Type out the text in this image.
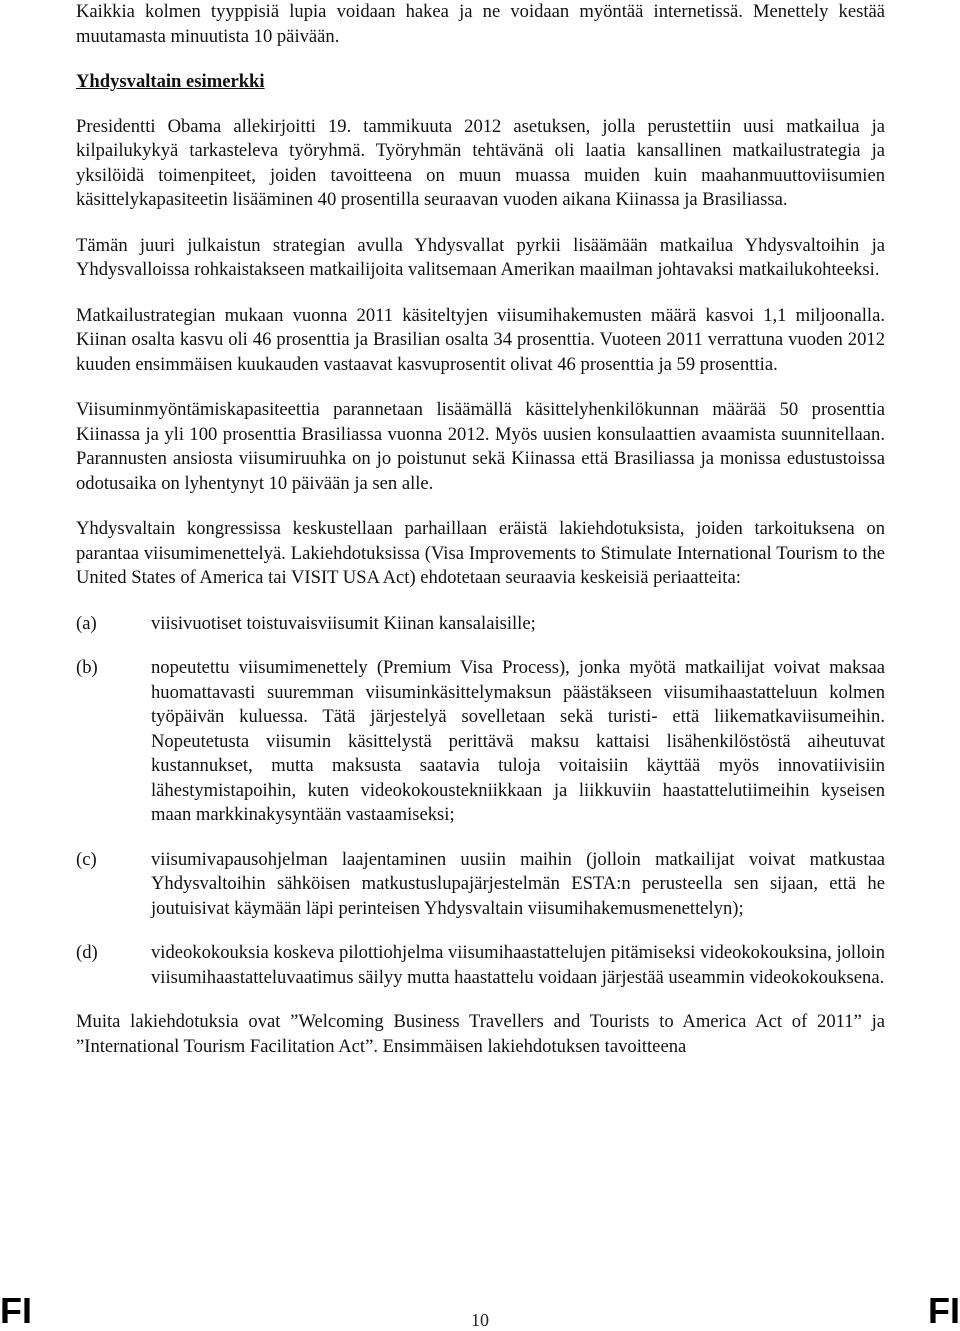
Kaikkia kolmen tyyppisiä lupia voidaan hakea ja ne voidaan myöntää internetissä. Menettely kestää muutamasta minuutista 10 päivään.

Yhdysvaltain esimerkki

Presidentti Obama allekirjoitti 19. tammikuuta 2012 asetuksen, jolla perustettiin uusi matkailua ja kilpailukykyä tarkasteleva työryhmä. Työryhmän tehtävänä oli laatia kansallinen matkailustrategia ja yksilöidä toimenpiteet, joiden tavoitteena on muun muassa muiden kuin maahanmuuttoviisumien käsittelykapasiteetin lisääminen 40 prosentilla seuraavan vuoden aikana Kiinassa ja Brasiliassa.

Tämän juuri julkaistun strategian avulla Yhdysvallat pyrkii lisäämään matkailua Yhdysvaltoihin ja Yhdysvalloissa rohkaistakseen matkailijoita valitsemaan Amerikan maailman johtavaksi matkailukohteeksi.

Matkailustrategian mukaan vuonna 2011 käsiteltyjen viisumihakemusten määrä kasvoi 1,1 miljoonalla. Kiinan osalta kasvu oli 46 prosenttia ja Brasilian osalta 34 prosenttia. Vuoteen 2011 verrattuna vuoden 2012 kuuden ensimmäisen kuukauden vastaavat kasvuprosentit olivat 46 prosenttia ja 59 prosenttia.

Viisuminmyöntämiskapasiteettia parannetaan lisäämällä käsittelyhenkilökunnan määrää 50 prosenttia Kiinassa ja yli 100 prosenttia Brasiliassa vuonna 2012. Myös uusien konsulaattien avaamista suunnitellaan. Parannusten ansiosta viisumiruuhka on jo poistunut sekä Kiinassa että Brasiliassa ja monissa edustustoissa odotusaika on lyhentynyt 10 päivään ja sen alle.

Yhdysvaltain kongressissa keskustellaan parhaillaan eräistä lakiehdotuksista, joiden tarkoituksena on parantaa viisumimenettelyä. Lakiehdotuksissa (Visa Improvements to Stimulate International Tourism to the United States of America tai VISIT USA Act) ehdotetaan seuraavia keskeisiä periaatteita:

(a)	viisivuotiset toistuvaisviisumit Kiinan kansalaisille;
(b)	nopeutettu viisumimenettely (Premium Visa Process), jonka myötä matkailijat voivat maksaa huomattavasti suuremman viisuminkäsittelymaksun päästäkseen viisumihaastatteluun kolmen työpäivän kuluessa. Tätä järjestelyä sovelletaan sekä turisti- että liikematkaviisumeihin. Nopeutetusta viisumin käsittelystä perittävä maksu kattaisi lisähenkilöstöstä aiheutuvat kustannukset, mutta maksusta saatavia tuloja voitaisiin käyttää myös innovatiivisiin lähestymistapoihin, kuten videokokoustekniikkaan ja liikkuviin haastattelutiimeihin kyseisen maan markkinakysyntään vastaamiseksi;
(c)	viisumivapausohjelman laajentaminen uusiin maihin (jolloin matkailijat voivat matkustaa Yhdysvaltoihin sähköisen matkustuslupajärjestelmän ESTA:n perusteella sen sijaan, että he joutuisivat käymään läpi perinteisen Yhdysvaltain viisumihakemusmenettelyn);
(d)	videokokouksia koskeva pilottiohjelma viisumihaastattelujen pitämiseksi videokokouksina, jolloin viisumihaastatteluvaatimus säilyy mutta haastattelu voidaan järjestää useammin videokokouksena.

Muita lakiehdotuksia ovat ”Welcoming Business Travellers and Tourists to America Act of 2011” ja ”International Tourism Facilitation Act”. Ensimmäisen lakiehdotuksen tavoitteena

FI	10	FI
